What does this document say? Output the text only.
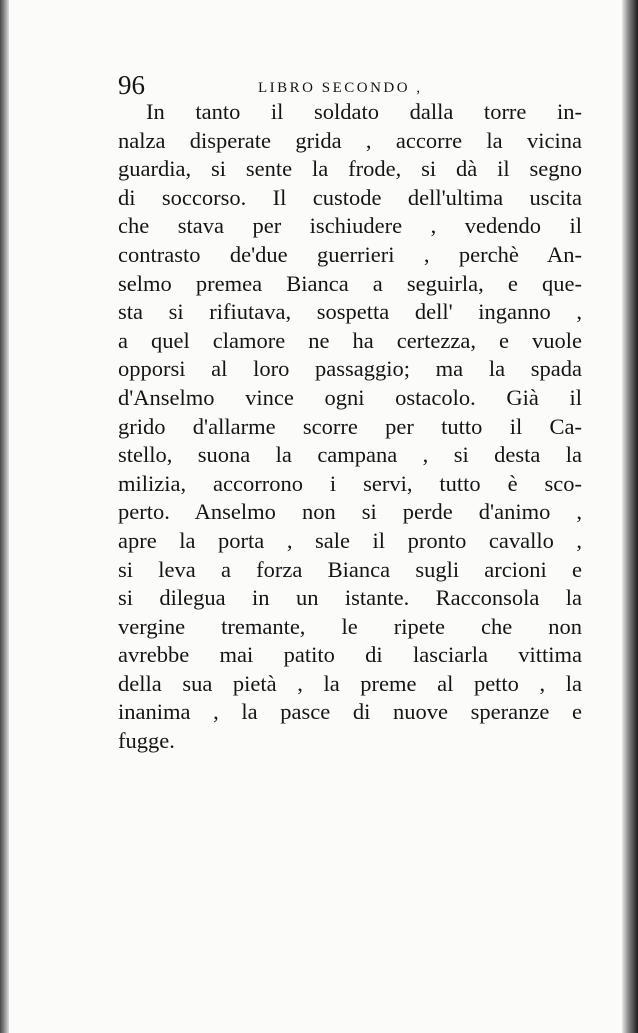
96	LIBRO SECONDO ,
In tanto il soldato dalla torre in-
nalza disperate grida , accorre la vicina
guardia, si sente la frode, si dà il segno
di soccorso. Il custode dell'ultima uscita
che stava per ischiudere , vedendo il
contrasto de'due guerrieri , perchè An-
selmo premea Bianca a seguirla, e que-
sta si rifiutava, sospetta dell' inganno ,
a quel clamore ne ha certezza, e vuole
opporsi al loro passaggio; ma la spada
d'Anselmo vince ogni ostacolo. Già il
grido d'allarme scorre per tutto il Ca-
stello, suona la campana , si desta la
milizia, accorrono i servi, tutto è sco-
perto. Anselmo non si perde d'animo ,
apre la porta , sale il pronto cavallo ,
si leva a forza Bianca sugli arcioni e
si dilegua in un istante. Racconsola la
vergine tremante, le ripete che non
avrebbe mai patito di lasciarla vittima
della sua pietà , la preme al petto , la
inanima , la pasce di nuove speranze e
fugge.
